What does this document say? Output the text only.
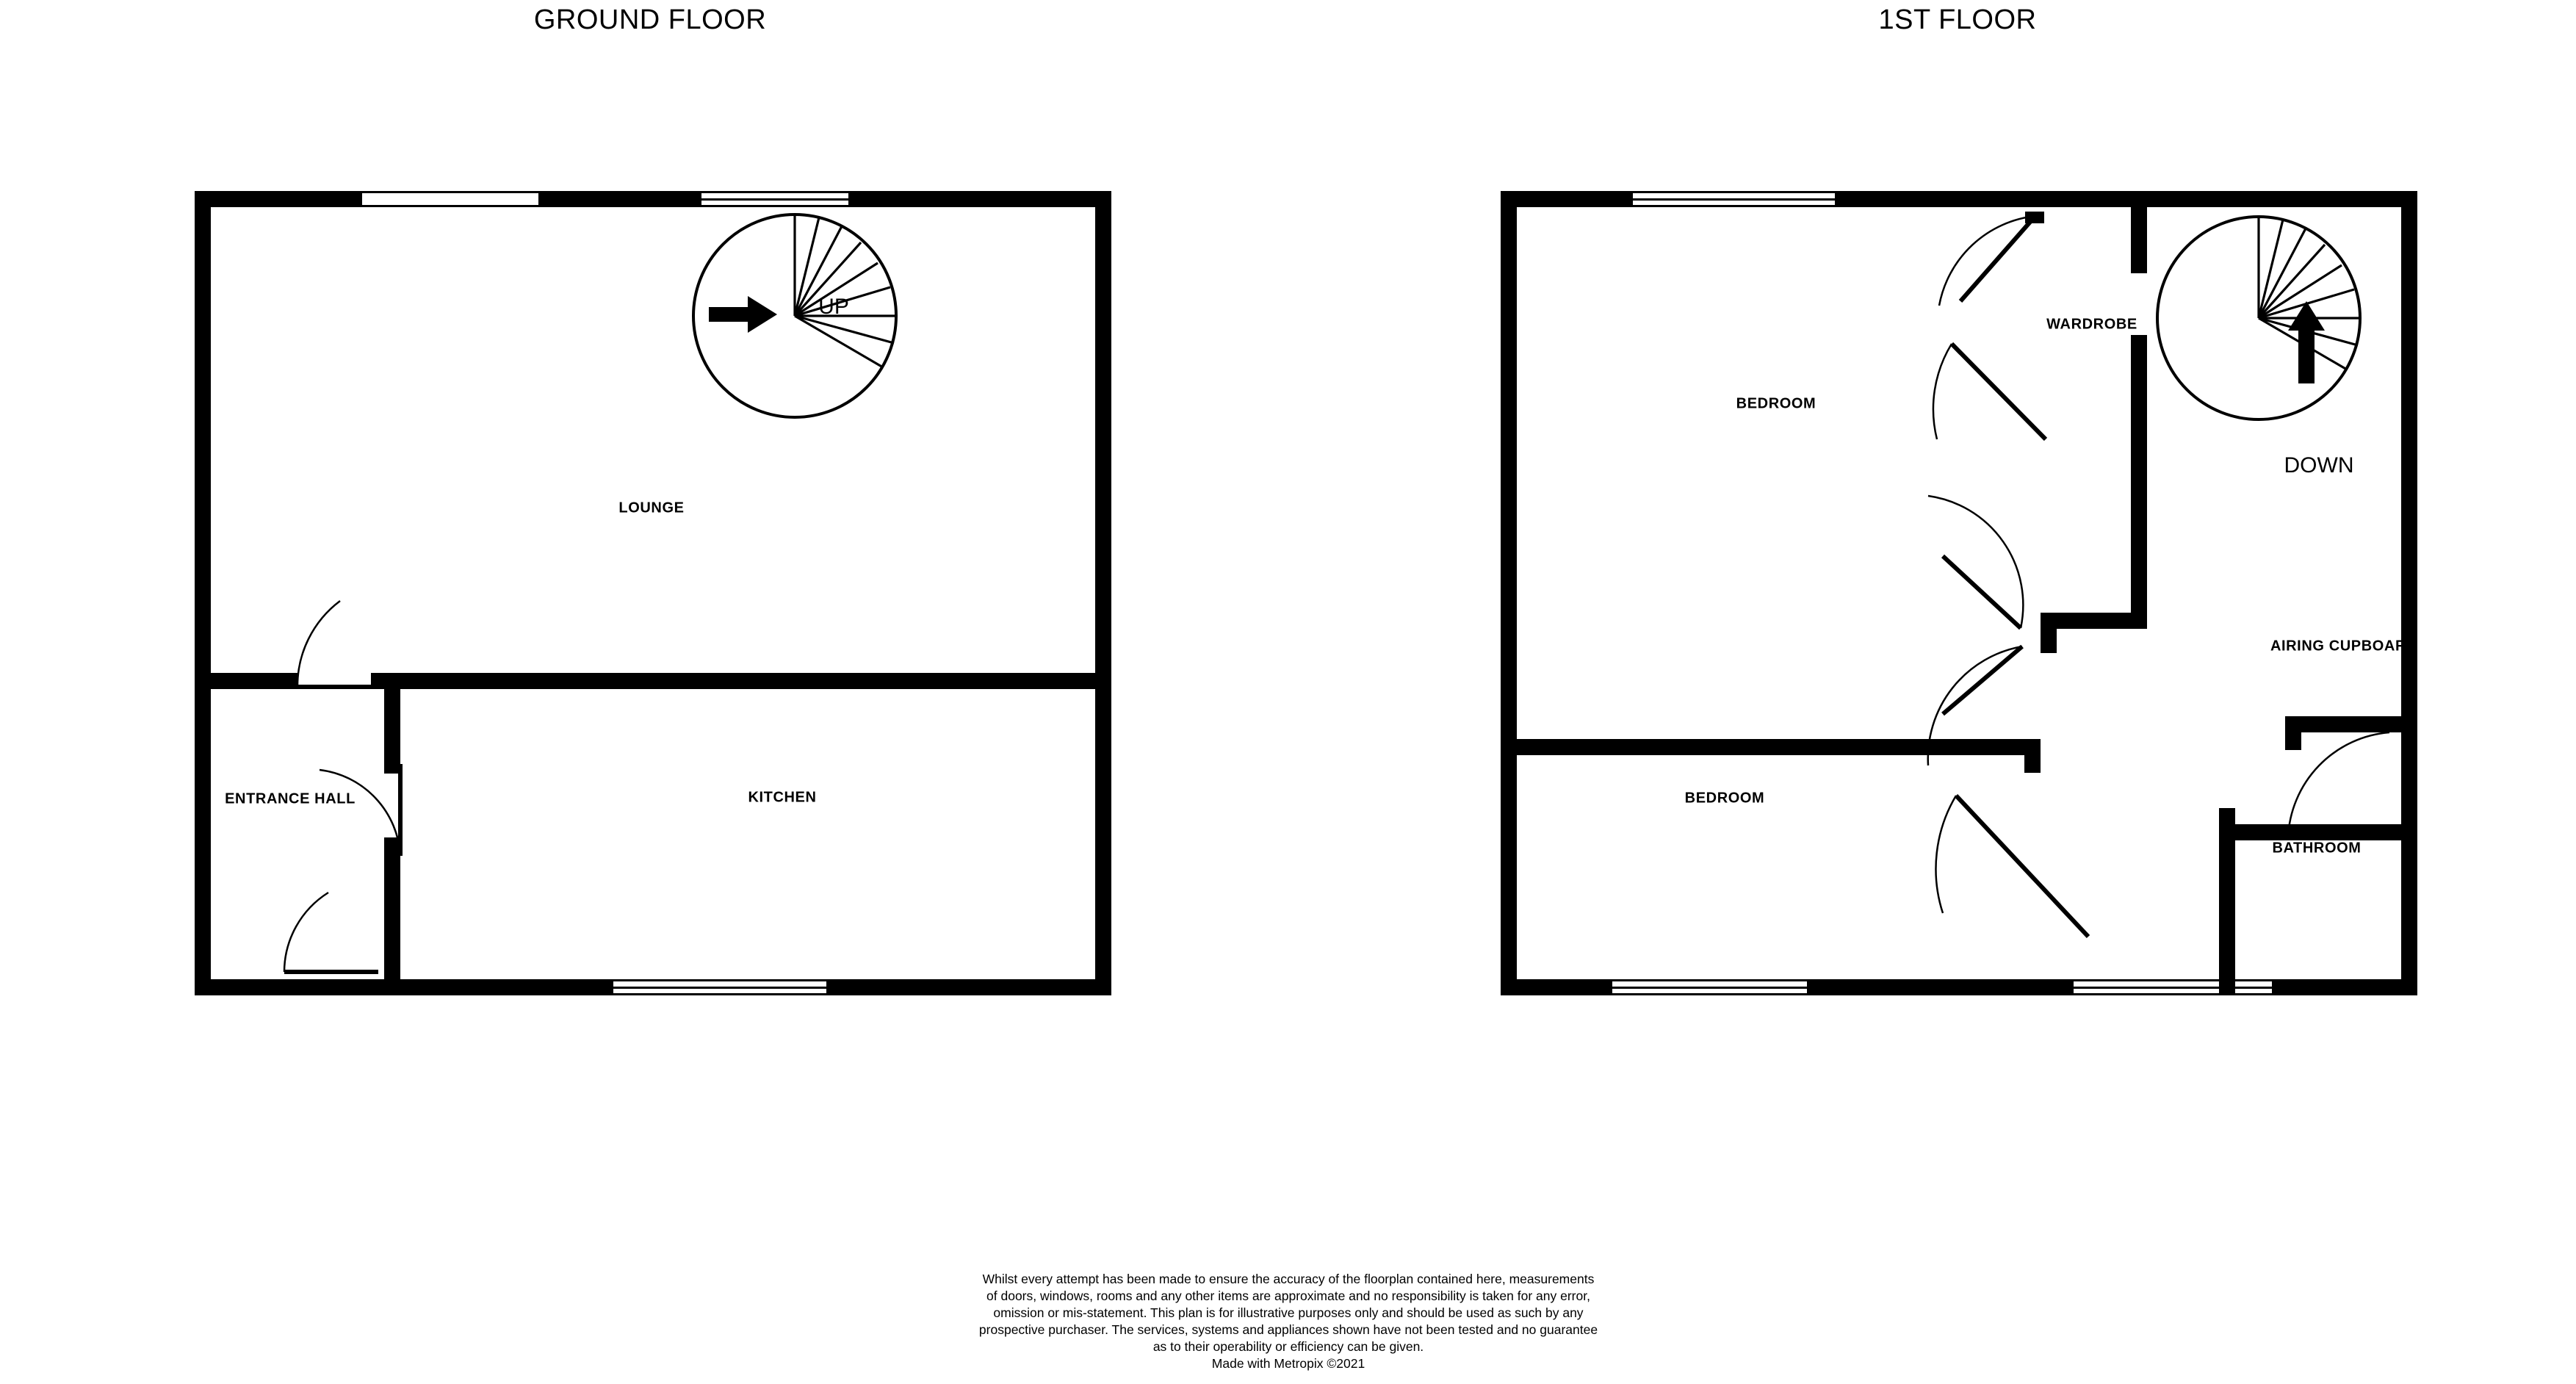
GROUND FLOOR	1ST FLOOR
LOUNGE
ENTRANCE HALL	KITCHEN
UP
BEDROOM
WARDROBE
BEDROOM
AIRING CUPBOARD
BATHROOM
DOWN
Whilst every attempt has been made to ensure the accuracy of the floorplan contained here, measurements
of doors, windows, rooms and any other items are approximate and no responsibility is taken for any error,
omission or mis-statement. This plan is for illustrative purposes only and should be used as such by any
prospective purchaser. The services, systems and appliances shown have not been tested and no guarantee
as to their operability or efficiency can be given.
Made with Metropix ©2021
